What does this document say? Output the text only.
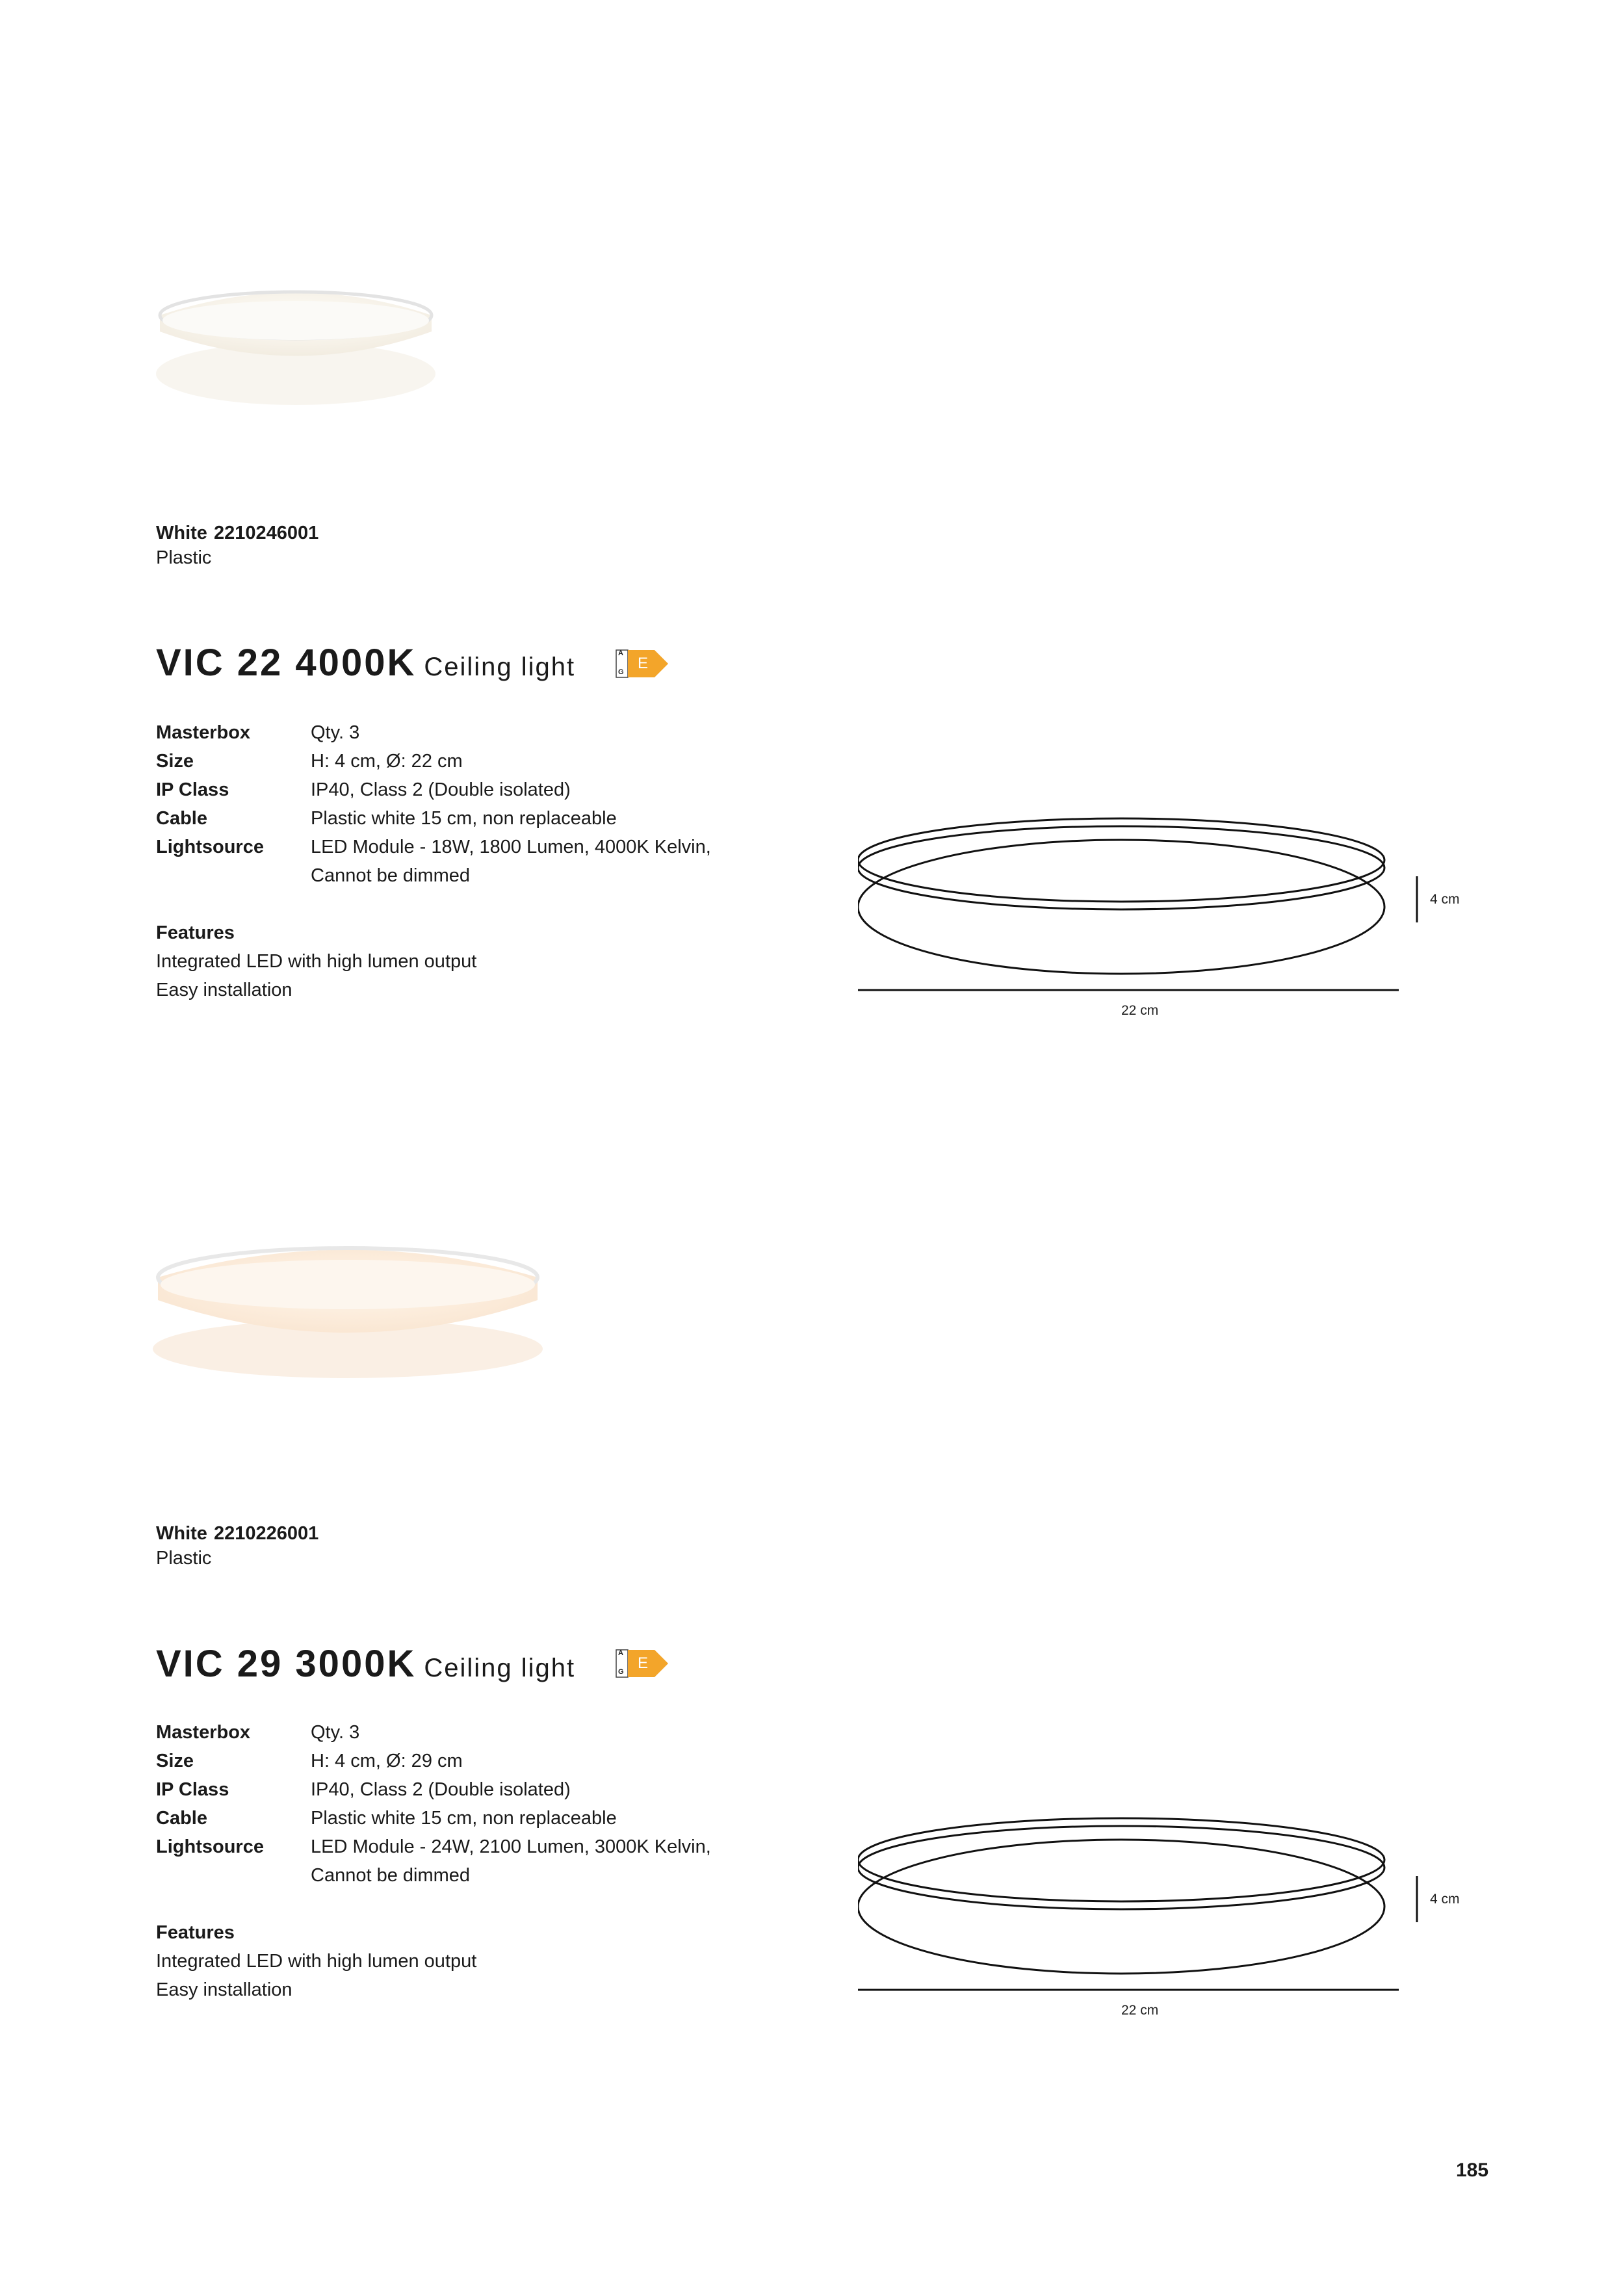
White 2210246001
Plastic
VIC 22 4000K Ceiling light	A
G E
Masterbox	Qty. 3
Size	H: 4 cm, Ø: 22 cm
IP Class	IP40, Class 2 (Double isolated)
Cable	Plastic white 15 cm, non replaceable
Lightsource LED Module - 18W, 1800 Lumen, 4000K Kelvin,
Cannot be dimmed
Features
Integrated LED with high lumen output
Easy installation
4 cm
22 cm
White 2210226001
Plastic
VIC 29 3000K Ceiling light
A
G E
Masterbox	Qty. 3
Size	H: 4 cm, Ø: 29 cm
IP Class	IP40, Class 2 (Double isolated)
Cable	Plastic white 15 cm, non replaceable
Lightsource LED Module - 24W, 2100 Lumen, 3000K Kelvin,
Cannot be dimmed
Features
Integrated LED with high lumen output
Easy installation
4 cm
22 cm
185
